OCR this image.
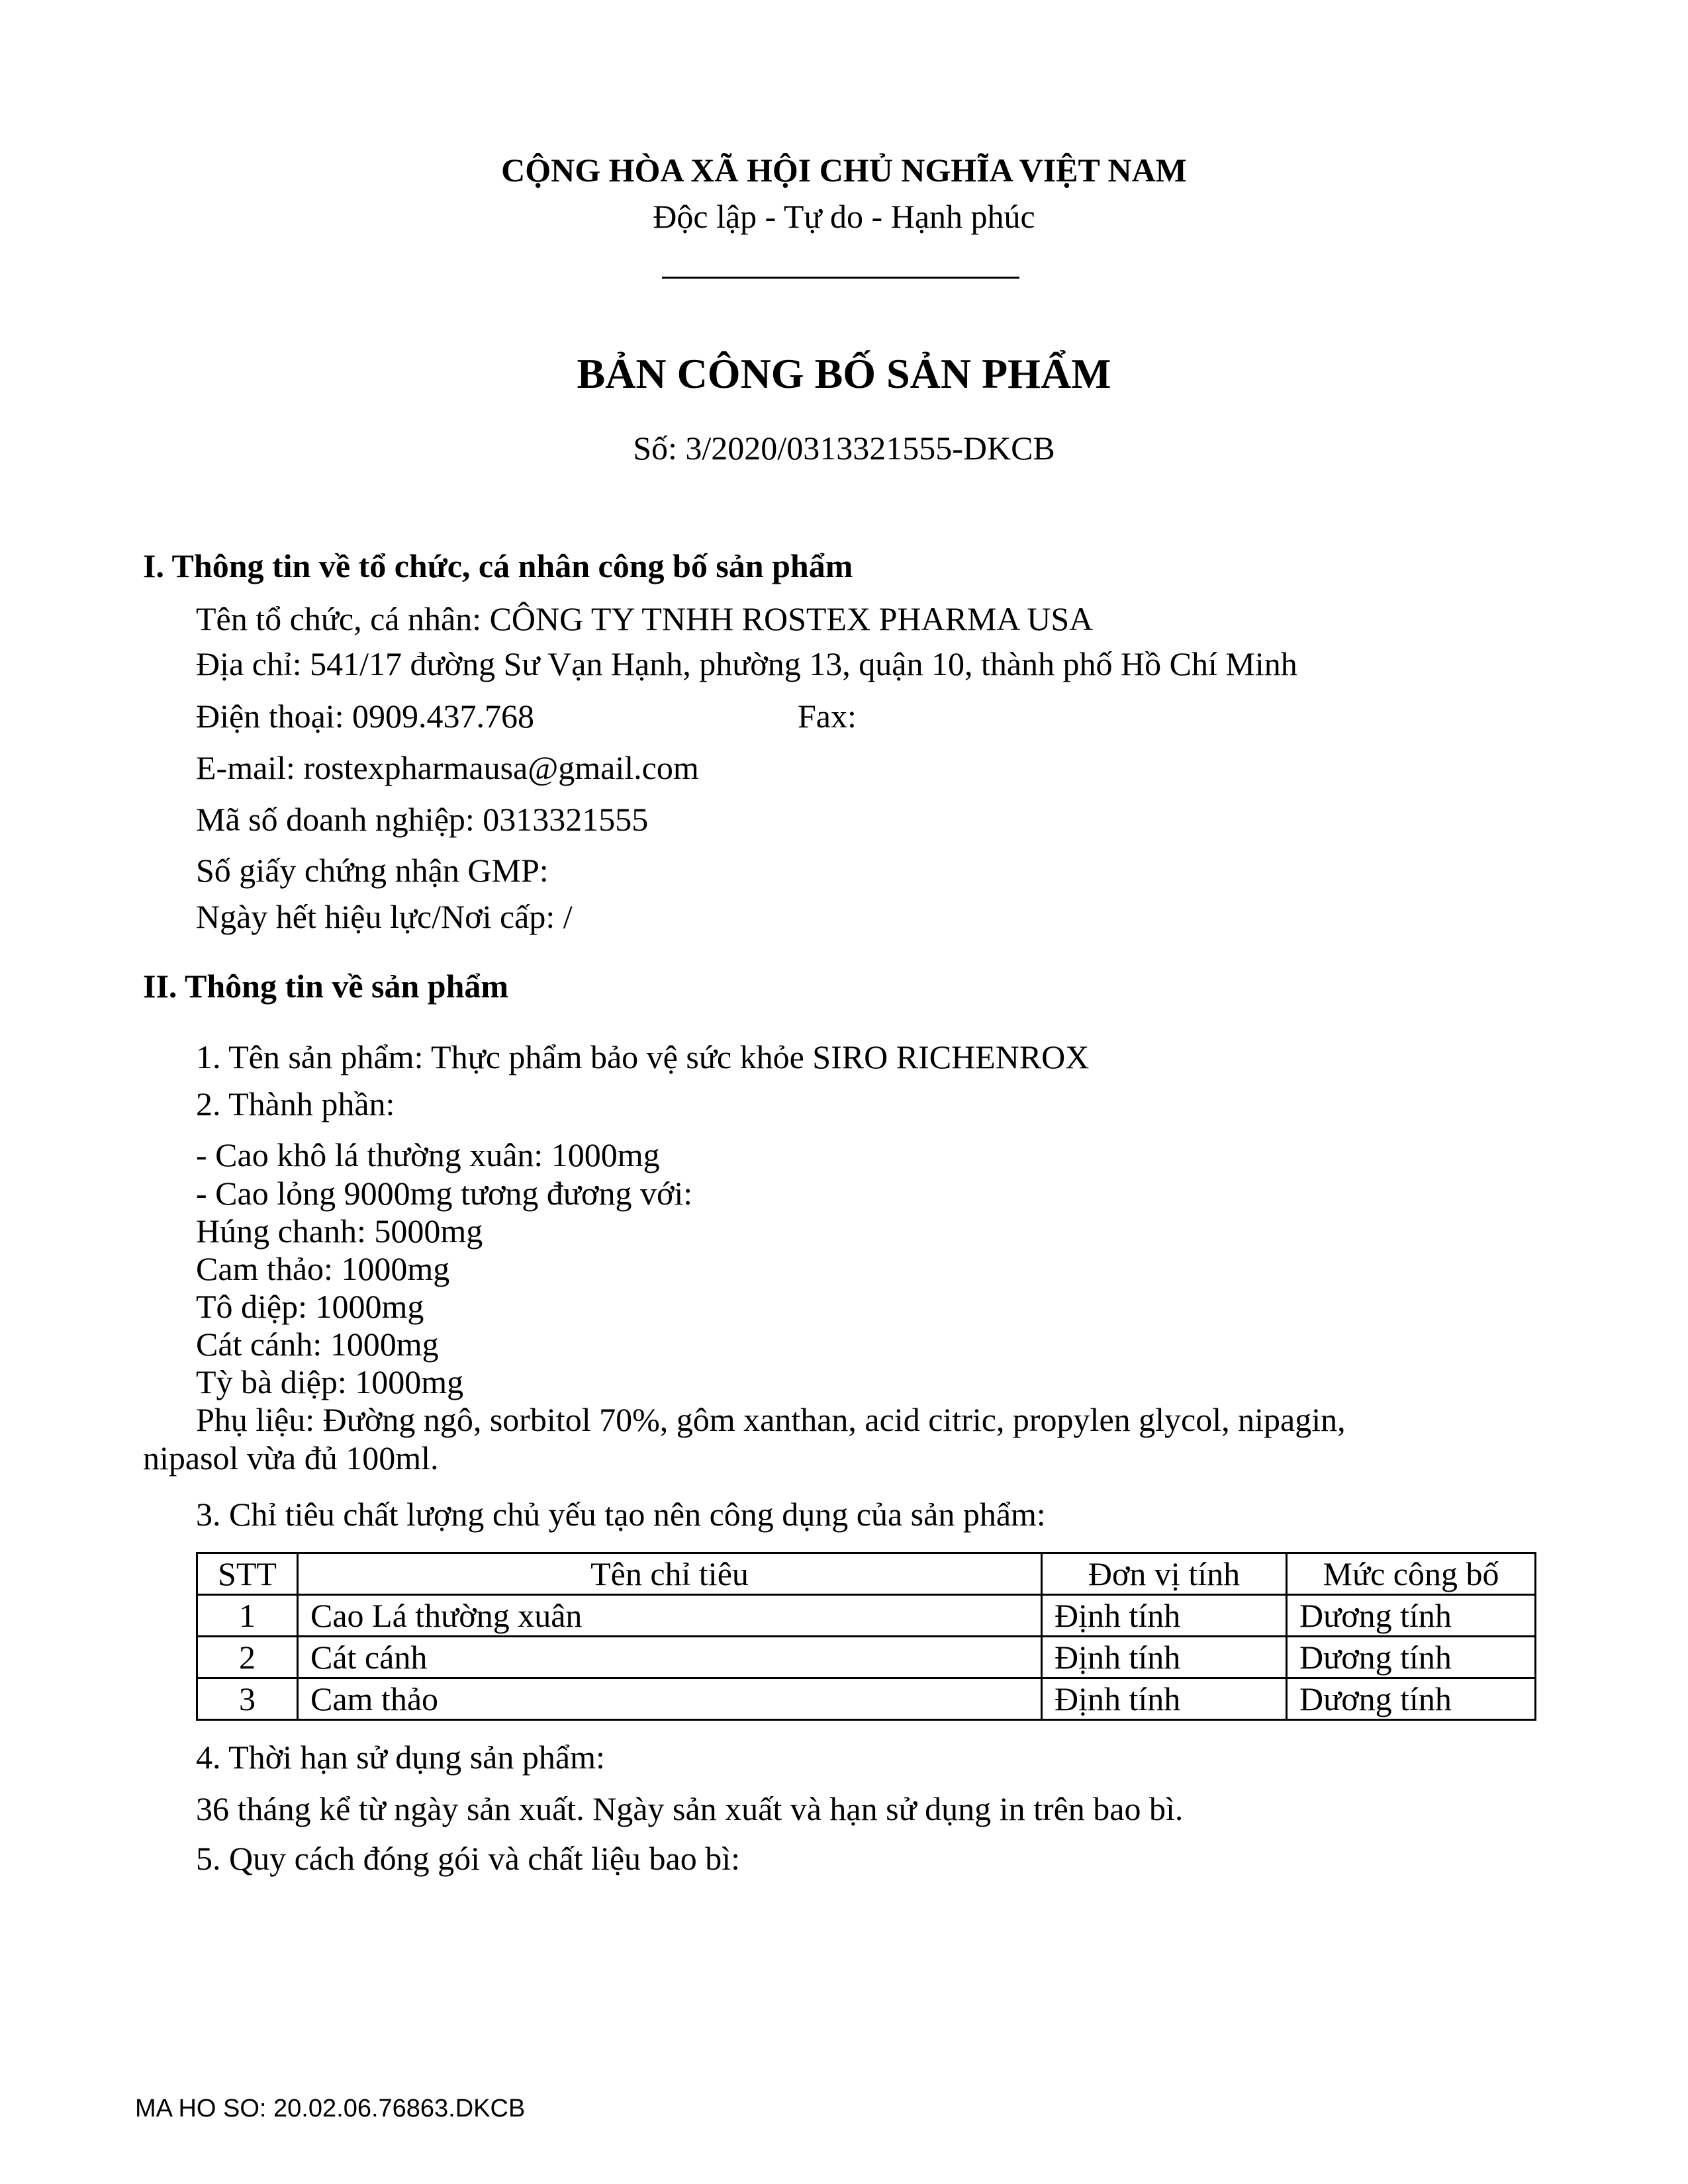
CỘNG HÒA XÃ HỘI CHỦ NGHĨA VIỆT NAM
Độc lập - Tự do - Hạnh phúc
BẢN CÔNG BỐ SẢN PHẨM
Số: 3/2020/0313321555-DKCB
I. Thông tin về tổ chức, cá nhân công bố sản phẩm
Tên tổ chức, cá nhân: CÔNG TY TNHH ROSTEX PHARMA USA
Địa chỉ: 541/17 đường Sư Vạn Hạnh, phường 13, quận 10, thành phố Hồ Chí Minh
Điện thoại: 0909.437.768	Fax:
E-mail: rostexpharmausa@gmail.com
Mã số doanh nghiệp: 0313321555
Số giấy chứng nhận GMP:
Ngày hết hiệu lực/Nơi cấp: /
II. Thông tin về sản phẩm
1. Tên sản phẩm: Thực phẩm bảo vệ sức khỏe SIRO RICHENROX
2. Thành phần:
- Cao khô lá thường xuân: 1000mg
- Cao lỏng 9000mg tương đương với:
Húng chanh: 5000mg
Cam thảo: 1000mg
Tô diệp: 1000mg
Cát cánh: 1000mg
Tỳ bà diệp: 1000mg
Phụ liệu: Đường ngô, sorbitol 70%, gôm xanthan, acid citric, propylen glycol, nipagin,
nipasol vừa đủ 100ml.
3. Chỉ tiêu chất lượng chủ yếu tạo nên công dụng của sản phẩm:
STT	Tên chỉ tiêu	Đơn vị tính	Mức công bố
1	Cao Lá thường xuân	Định tính	Dương tính
2	Cát cánh	Định tính	Dương tính
3	Cam thảo	Định tính	Dương tính
4. Thời hạn sử dụng sản phẩm:
36 tháng kể từ ngày sản xuất. Ngày sản xuất và hạn sử dụng in trên bao bì.
5. Quy cách đóng gói và chất liệu bao bì:
MA HO SO: 20.02.06.76863.DKCB
